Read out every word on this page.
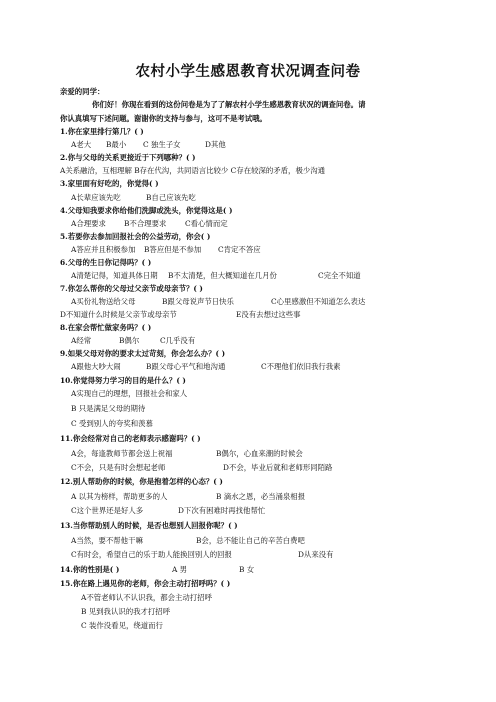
农村小学生感恩教育状况调查问卷
亲爱的同学：
你们好！你现在看到的这份问卷是为了了解农村小学生感恩教育状况的调查问卷。请
你认真填写下述问题。谢谢你的支持与参与，这可不是考试哦。
1.你在家里排行第几？( )
A老大 B最小 C 独生子女	D其他
2.你与父母的关系更接近于下列哪种？( )
A关系融洽，互相理解 B存在代沟，共同语言比较少 C存在较深的矛盾，极少沟通
3.家里面有好吃的，你觉得( )
A长辈应该先吃	B自己应该先吃
4.父母知我要求你给他们洗脚或洗头，你觉得这是( )
A合理要求 B不合理要求	C看心情而定
5.若要你去参加回报社会的公益劳动，你会( )
A答应并且积极参加 B答应但是不参加 C肯定不答应
6.父母的生日你记得吗？( )
A清楚记得，知道具体日期 B不太清楚，但大概知道在几月份	C完全不知道
7.你怎么帮你的父母过父亲节或母亲节？( )
A买份礼物送给父母	B跟父母说声节日快乐	C心里感激但不知道怎么表达
D不知道什么时候是父亲节或母亲节	E没有去想过这些事
8.在家会帮忙做家务吗？( )
A经常	B偶尔	C几乎没有
9.如果父母对你的要求太过苛刻，你会怎么办？( )
A跟他大吵大闹	B跟父母心平气和地沟通	C不理他们依旧我行我素
10.你觉得努力学习的目的是什么？( )
A实现自己的理想，回报社会和家人
B 只是满足父母的期待
C 受到别人的夸奖和羡慕
11.你会经常对自己的老师表示感谢吗？( )
A会，每逢教师节都会送上祝福	B偶尔，心血来潮的时候会
C不会，只是有时会想起老师	D不会，毕业后就和老师形同陌路
12.别人帮助你的时候，你是抱着怎样的心态？( )
A 以其为榜样，帮助更多的人	B 滴水之恩，必当涌泉相报
C这个世界还是好人多	D下次有困难时再找他帮忙
13.当你帮助别人的时候，是否也想别人回报你呢？( )
A当然，要不帮他干嘛	B会，总不能让自己的辛苦白费吧
C有时会，希望自己的乐于助人能换回别人的回报	D从来没有
14.你的性别是( )	A 男	B 女
15.你在路上遇见你的老师，你会主动打招呼吗？( )
A不管老师认不认识我，都会主动打招呼
B 见到我认识的我才打招呼
C 装作没看见，绕道而行
